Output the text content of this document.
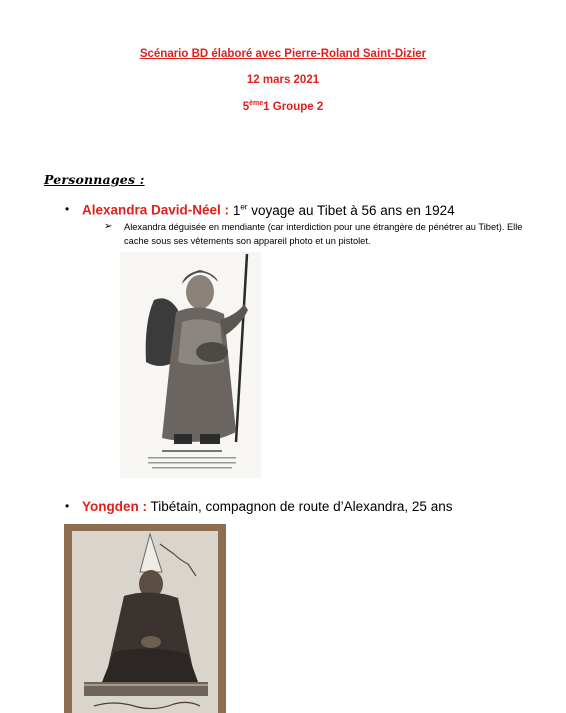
Scénario BD élaboré avec Pierre-Roland Saint-Dizier
12 mars 2021
5ème1 Groupe 2
Personnages :
• Alexandra David-Néel : 1er voyage au Tibet à 56 ans en 1924
➢ Alexandra déguisée en mendiante (car interdiction pour une étrangère de pénétrer au Tibet). Elle cache sous ses vêtements son appareil photo et un pistolet.
• Yongden : Tibétain, compagnon de route d’Alexandra, 25 ans
